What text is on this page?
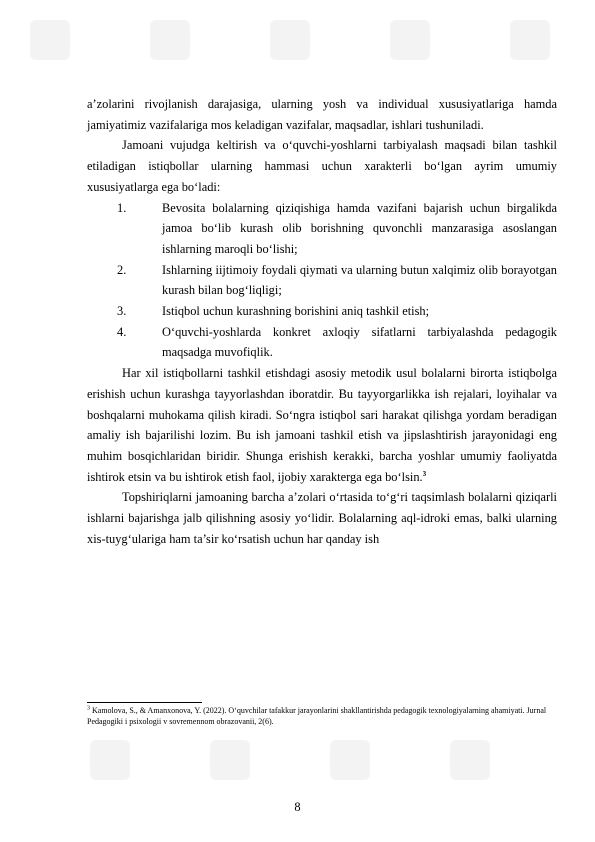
a’zolarini rivojlanish darajasiga, ularning yosh va individual xususiyatlariga hamda jamiyatimiz vazifalariga mos keladigan vazifalar, maqsadlar, ishlari tushuniladi.

Jamoani vujudga keltirish va o‘quvchi-yoshlarni tarbiyalash maqsadi bilan tashkil etiladigan istiqbollar ularning hammasi uchun xarakterli bo‘lgan ayrim umumiy xususiyatlarga ega bo‘ladi:

1.	Bevosita bolalarning qiziqishiga hamda vazifani bajarish uchun birgalikda jamoa bo‘lib kurash olib borishning quvonchli manzarasiga asoslangan ishlarning maroqli bo‘lishi;
2.	Ishlarning iijtimoiy foydali qiymati va ularning butun xalqimiz olib borayotgan kurash bilan bog‘liqligi;
3.	Istiqbol uchun kurashning borishini aniq tashkil etish;
4.	O‘quvchi-yoshlarda konkret axloqiy sifatlarni tarbiyalashda pedagogik maqsadga muvofiqlik.

Har xil istiqbollarni tashkil etishdagi asosiy metodik usul bolalarni birorta istiqbolga erishish uchun kurashga tayyorlashdan iboratdir. Bu tayyorgarlikka ish rejalari, loyihalar va boshqalarni muhokama qilish kiradi. So‘ngra istiqbol sari harakat qilishga yordam beradigan amaliy ish bajarilishi lozim. Bu ish jamoani tashkil etish va jipslashtirish jarayonidagi eng muhim bosqichlaridan biridir. Shunga erishish kerakki, barcha yoshlar umumiy faoliyatda ishtirok etsin va bu ishtirok etish faol, ijobiy xarakterga ega bo‘lsin.$^3$

Topshiriqlarni jamoaning barcha a’zolari o‘rtasida to‘g‘ri taqsimlash bolalarni qiziqarli ishlarni bajarishga jalb qilishning asosiy yo‘lidir. Bolalarning aql-idroki emas, balki ularning xis-tuyg‘ulariga ham ta’sir ko‘rsatish uchun har qanday ish

$^3$ Kamolova, S., & Amanxonova, Y. (2022). O‘quvchilar tafakkur jarayonlarini shakllantirishda pedagogik texnologiyalarning ahamiyati. Jurnal Pedagogiki i psixologii v sovremennom obrazovanii, 2(6).
8
